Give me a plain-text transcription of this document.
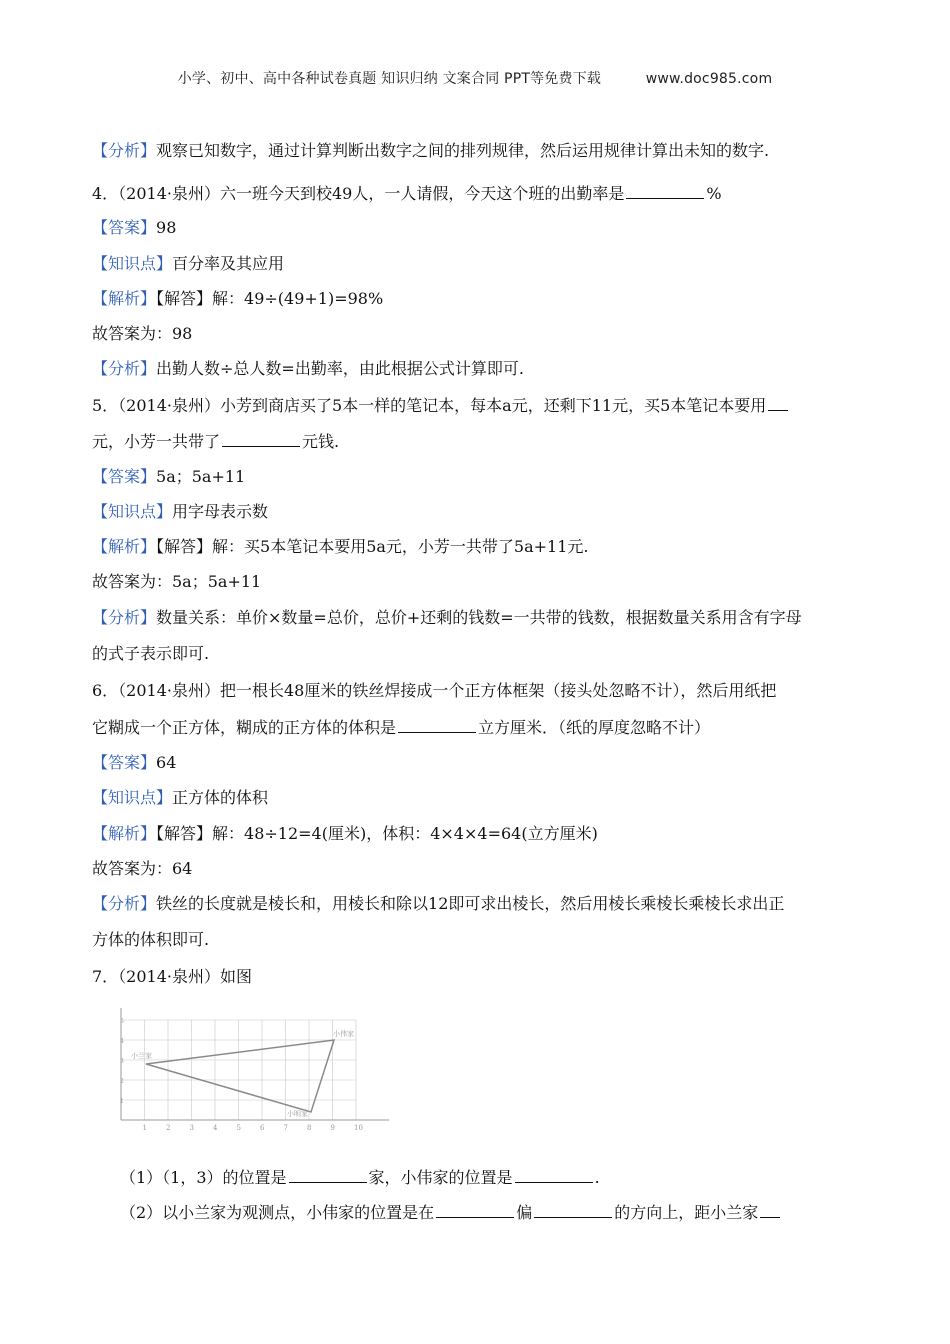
小学、初中、高中各种试卷真题 知识归纳 文案合同 PPT等免费下载	www.doc985.com
【分析】观察已知数字，通过计算判断出数字之间的排列规律，然后运用规律计算出未知的数字.
4．（2014·泉州）六一班今天到校49人，一人请假，今天这个班的出勤率是	%
【答案】98
【知识点】百分率及其应用
【解析】【解答】解：49÷(49+1)=98%
故答案为：98
【分析】出勤人数÷总人数=出勤率，由此根据公式计算即可.
5．（2014·泉州）小芳到商店买了5本一样的笔记本，每本a元，还剩下11元，买5本笔记本要用
元，小芳一共带了	元钱.
【答案】5a；5a+11
【知识点】用字母表示数
【解析】【解答】解：买5本笔记本要用5a元，小芳一共带了5a+11元.
故答案为：5a；5a+11
【分析】数量关系：单价×数量=总价，总价+还剩的钱数=一共带的钱数，根据数量关系用含有字母
的式子表示即可.
6．（2014·泉州）把一根长48厘米的铁丝焊接成一个正方体框架（接头处忽略不计），然后用纸把
它糊成一个正方体，糊成的正方体的体积是	立方厘米．（纸的厚度忽略不计）
【答案】64
【知识点】正方体的体积
【解析】【解答】解：48÷12=4(厘米)，体积：4×4×4=64(立方厘米)
故答案为：64
【分析】铁丝的长度就是棱长和，用棱长和除以12即可求出棱长，然后用棱长乘棱长乘棱长求出正
方体的体积即可.
7．（2014·泉州）如图
1	2	3	4	5	6	7	8	9	10
1
2
3
4
5
小兰家
小伟家
小明家
（1）（1，3）的位置是	家，小伟家的位置是	.
（2）以小兰家为观测点，小伟家的位置是在	偏	的方向上，距小兰家
